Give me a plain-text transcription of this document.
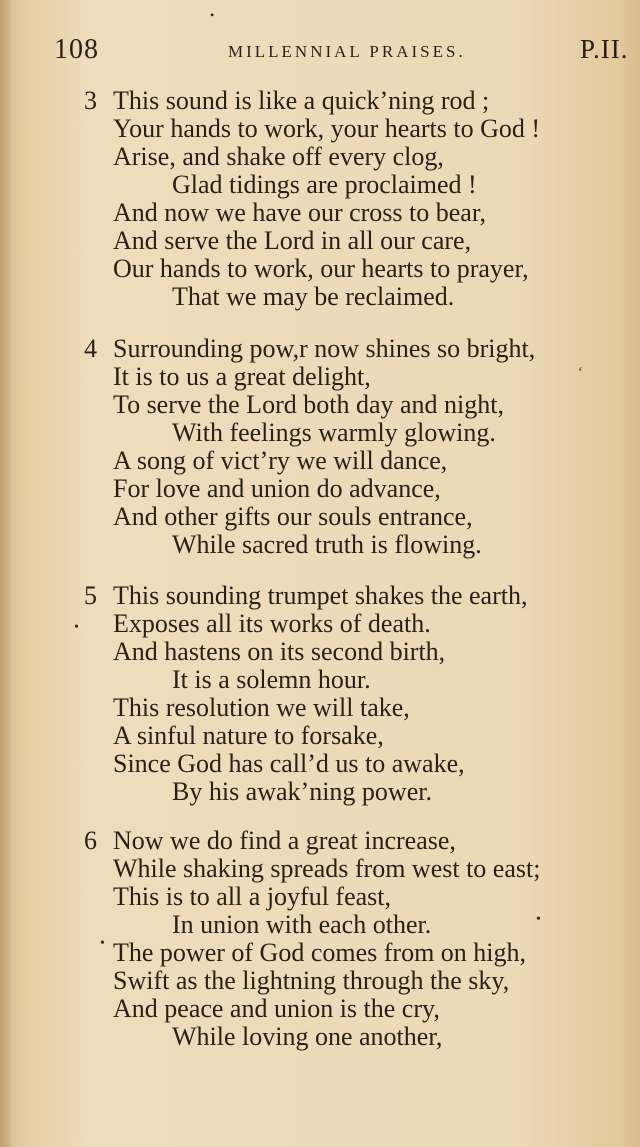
•
108	MILLENNIAL PRAISES.	P.II.
3 This sound is like a quick’ning rod ;
Your hands to work, your hearts to God !
Arise, and shake off every clog,
Glad tidings are proclaimed !
And now we have our cross to bear,
And serve the Lord in all our care,
Our hands to work, our hearts to prayer,
That we may be reclaimed.
4 Surrounding pow,r now shines so bright,
It is to us a great delight,
To serve the Lord both day and night,
With feelings warmly glowing.
A song of vict’ry we will dance,
For love and union do advance,
And other gifts our souls entrance,
While sacred truth is flowing.
5 This sounding trumpet shakes the earth,
Exposes all its works of death.
And hastens on its second birth,
It is a solemn hour.
This resolution we will take,
A sinful nature to forsake,
Since God has call’d us to awake,
By his awak’ning power.
6 Now we do find a great increase,
While shaking spreads from west to east;
This is to all a joyful feast,
In union with each other.
The power of God comes from on high,
Swift as the lightning through the sky,
And peace and union is the cry,
While loving one another,
ʻ
•
•
•
